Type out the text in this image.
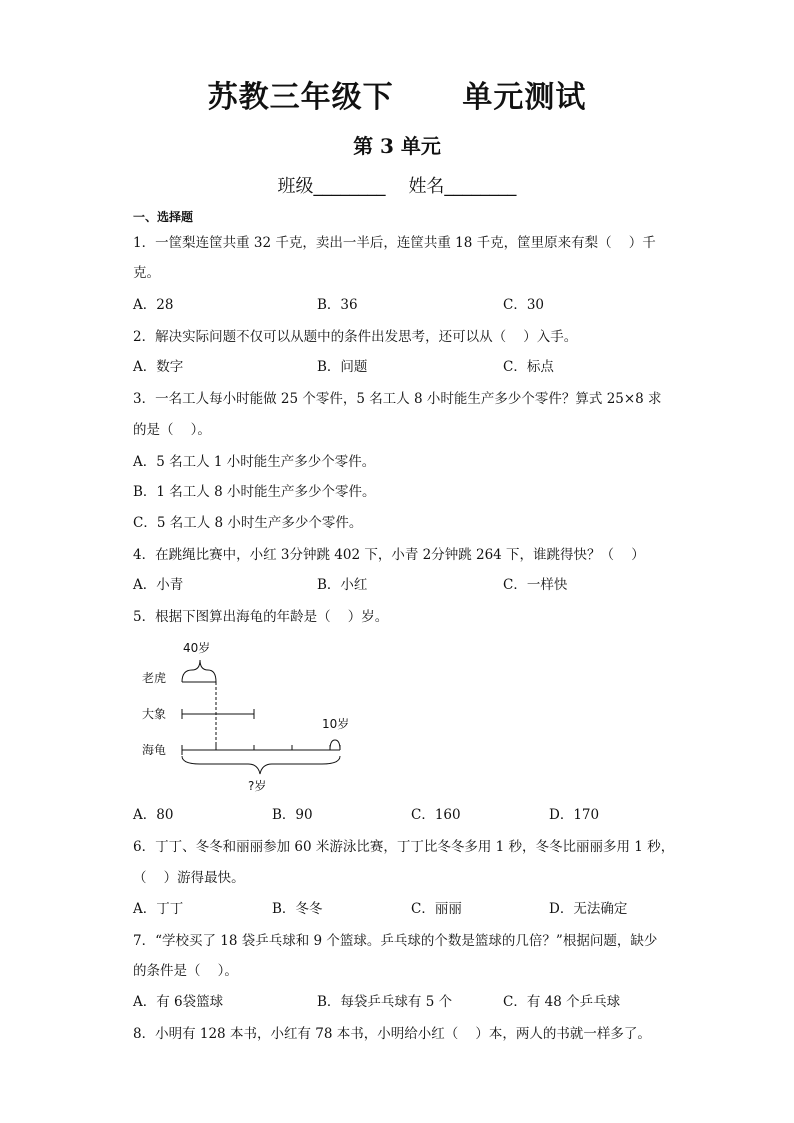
苏教三年级下      单元测试
第 3 单元
班级________ 姓名________
一、选择题
1．一筐梨连筐共重 32 千克，卖出一半后，连筐共重 18 千克，筐里原来有梨（    ）千
克。
A．28	B．36	C．30
2．解决实际问题不仅可以从题中的条件出发思考，还可以从（    ）入手。
A．数字	B．问题	C．标点
3．一名工人每小时能做 25 个零件，5 名工人 8 小时能生产多少个零件？算式 25×8 求
的是（    ）。
A．5 名工人 1 小时能生产多少个零件。
B．1 名工人 8 小时能生产多少个零件。
C．5 名工人 8 小时生产多少个零件。
4．在跳绳比赛中，小红 3分钟跳 402 下，小青 2分钟跳 264 下，谁跳得快？（    ）
A．小青	B．小红	C．一样快
5．根据下图算出海龟的年龄是（    ）岁。
40岁
老虎
大象
海龟
10岁
?岁
A．80	B．90	C．160	D．170
6．丁丁、冬冬和丽丽参加 60 米游泳比赛，丁丁比冬冬多用 1 秒，冬冬比丽丽多用 1 秒，
（    ）游得最快。
A．丁丁	B．冬冬	C．丽丽	D．无法确定
7．“学校买了 18 袋乒乓球和 9 个篮球。乒乓球的个数是篮球的几倍？”根据问题，缺少
的条件是（    ）。
A．有 6袋篮球	B．每袋乒乓球有 5 个	C．有 48 个乒乓球
8．小明有 128 本书，小红有 78 本书，小明给小红（    ）本，两人的书就一样多了。
